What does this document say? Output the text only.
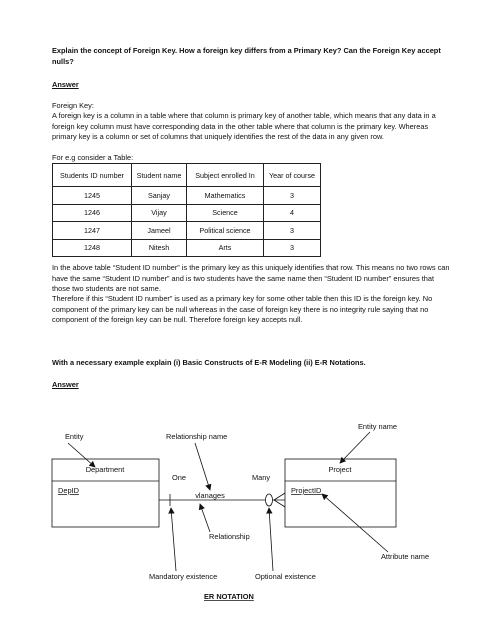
Explain the concept of Foreign Key. How a foreign key differs from a Primary Key? Can the Foreign Key accept nulls?
Answer
Foreign Key:
A foreign key is a column in a table where that column is primary key of another table, which means that any data in a foreign key column must have corresponding data in the other table where that column is the primary key. Whereas primary key is a column or set of columns that uniquely identifies the rest of the data in any given row.
For e.g consider a Table:
Students ID number	Student name	Subject enrolled In	Year of course
1245	Sanjay	Mathematics	3
1246	Vijay	Science	4
1247	Jameel	Political science	3
1248	Nitesh	Arts	3
In the above table “Student ID number” is the primary key as this uniquely identifies that row. This means no two rows can have the same “Student ID number” and is two students have the same name then “Student ID number” ensures that those two students are not same.
Therefore if this “Student ID number” is used as a primary key for some other table then this ID is the foreign key. No component of the primary key can be null whereas in the case of foreign key there is no integrity rule saying that no component of the foreign key can be null. Therefore foreign key accepts null.
With a necessary example explain (i) Basic Constructs of E-R Modeling (ii) E-R Notations.
Answer
Department
DepID
Project
ProjectID
One	Many
vlanages
Entity name
Entity	Relationship name
Relationship
Attribute name
Mandatory existence	Optional existence
ER NOTATION
